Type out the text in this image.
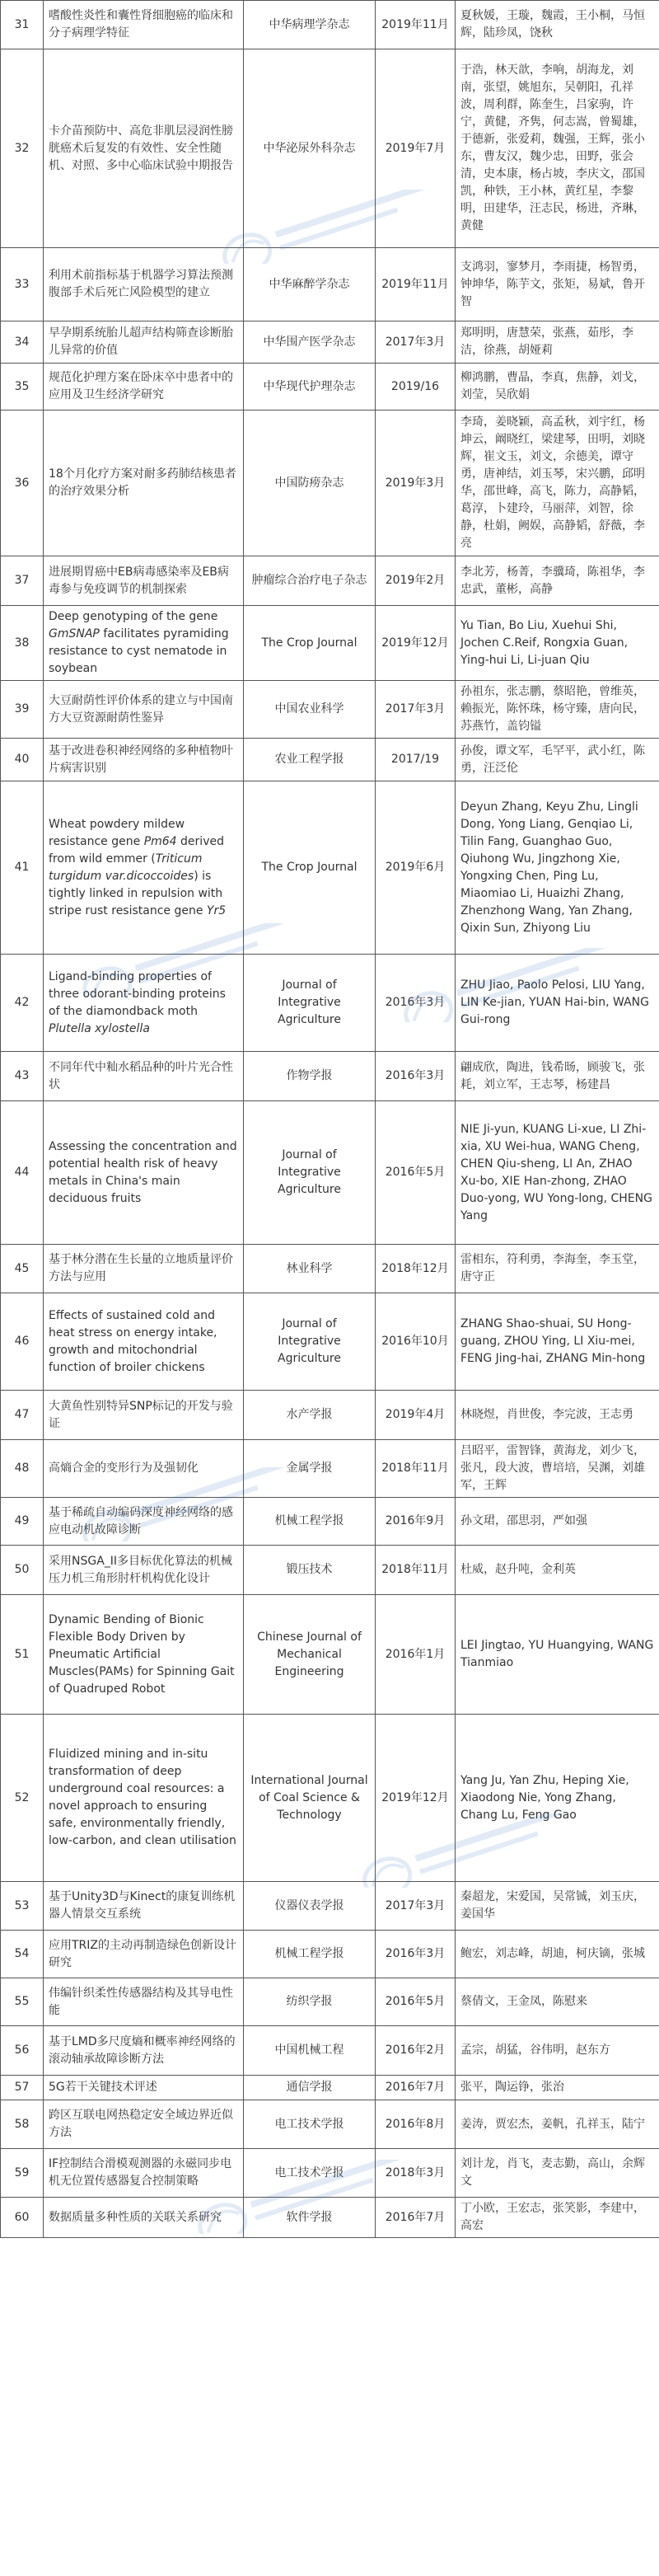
31	嗜酸性炎性和囊性肾细胞癌的临床和分子病理学特征	中华病理学杂志	2019年11月	夏秋媛，王璇，魏霞，王小桐，马恒辉，陆珍凤，饶秋
32	卡介苗预防中、高危非肌层浸润性膀胱癌术后复发的有效性、安全性随机、对照、多中心临床试验中期报告	中华泌尿外科杂志	2019年7月	于浩，林天歆，李响，胡海龙，刘南，张望，姚旭东，吴朝阳，孔祥波，周利群，陈奎生，吕家驹，许宁，黄健，齐隽，何志嵩，曾蜀雄，于德新，张爱莉，魏强，王辉，张小东，曹友汉，魏少忠，田野，张会清，史本康，杨占坡，李庆文，邵国凯，种铁，王小林，黄红星，李黎明，田建华，汪志民，杨进，齐琳，黄健
33	利用术前指标基于机器学习算法预测腹部手术后死亡风险模型的建立	中华麻醉学杂志	2019年11月	支鸿羽，寥梦月，李雨捷，杨智勇，钟坤华，陈芋文，张矩，易斌，鲁开智
34	早孕期系统胎儿超声结构筛查诊断胎儿异常的价值	中华围产医学杂志	2017年3月	郑明明，唐慧荣，张燕，茹彤，李洁，徐燕，胡娅莉
35	规范化护理方案在卧床卒中患者中的应用及卫生经济学研究	中华现代护理杂志	2019/16	柳鸿鹏，曹晶，李真，焦静，刘戈，刘莹，吴欣娟
36	18个月化疗方案对耐多药肺结核患者的治疗效果分析	中国防痨杂志	2019年3月	李琦，姜晓颖，高孟秋，刘宇红，杨坤云，阚晓红，梁建琴，田明，刘晓辉，崔文玉，刘文，余德美，谭守勇，唐神结，刘玉琴，宋兴鹏，邱明华，邵世峰，高飞，陈力，高静韬，葛淳，卜建玲，马丽萍，刘智，徐静，杜娟，阙娱，高静韬，舒薇，李亮
37	进展期胃癌中EB病毒感染率及EB病毒参与免疫调节的机制探索	肿瘤综合治疗电子杂志	2019年2月	李北芳，杨菁，李骥琦，陈祖华，李忠武，董彬，高静
38	Deep genotyping of the gene GmSNAP facilitates pyramiding resistance to cyst nematode in soybean	The Crop Journal	2019年12月	Yu Tian, Bo Liu, Xuehui Shi, Jochen C.Reif, Rongxia Guan, Ying-hui Li, Li-juan Qiu
39	大豆耐荫性评价体系的建立与中国南方大豆资源耐荫性鉴异	中国农业科学	2017年3月	孙祖东，张志鹏，蔡昭艳，曾维英，赖振光，陈怀珠，杨守臻，唐向民，苏燕竹，盖钧镒
40	基于改进卷积神经网络的多种植物叶片病害识别	农业工程学报	2017/19	孙俊，谭文军，毛罕平，武小红，陈勇，汪泛伦
41	Wheat powdery mildew resistance gene Pm64 derived from wild emmer (Triticum turgidum var.dicoccoides) is tightly linked in repulsion with stripe rust resistance gene Yr5	The Crop Journal	2019年6月	Deyun Zhang, Keyu Zhu, Lingli Dong, Yong Liang, Genqiao Li, Tilin Fang, Guanghao Guo, Qiuhong Wu, Jingzhong Xie, Yongxing Chen, Ping Lu, Miaomiao Li, Huaizhi Zhang, Zhenzhong Wang, Yan Zhang, Qixin Sun, Zhiyong Liu
42	Ligand-binding properties of three odorant-binding proteins of the diamondback moth Plutella xylostella	Journal of Integrative Agriculture	2016年3月	ZHU Jiao, Paolo Pelosi, LIU Yang, LIN Ke-jian, YUAN Hai-bin, WANG Gui-rong
43	不同年代中籼水稻品种的叶片光合性状	作物学报	2016年3月	翩成欣，陶进，钱希旸，顾骏飞，张耗，刘立军，王志琴，杨建昌
44	Assessing the concentration and potential health risk of heavy metals in China's main deciduous fruits	Journal of Integrative Agriculture	2016年5月	NIE Ji-yun, KUANG Li-xue, LI Zhi-xia, XU Wei-hua, WANG Cheng, CHEN Qiu-sheng, LI An, ZHAO Xu-bo, XIE Han-zhong, ZHAO Duo-yong, WU Yong-long, CHENG Yang
45	基于林分潜在生长量的立地质量评价方法与应用	林业科学	2018年12月	雷相东，符利勇，李海奎，李玉堂，唐守正
46	Effects of sustained cold and heat stress on energy intake, growth and mitochondrial function of broiler chickens	Journal of Integrative Agriculture	2016年10月	ZHANG Shao-shuai, SU Hong-guang, ZHOU Ying, LI Xiu-mei, FENG Jing-hai, ZHANG Min-hong
47	大黄鱼性别特异SNP标记的开发与验证	水产学报	2019年4月	林晓煜，肖世俊，李完波，王志勇
48	高熵合金的变形行为及强韧化	金属学报	2018年11月	吕昭平，雷智锋，黄海龙，刘少飞，张凡，段大波，曹培培，吴渊，刘雄军，王辉
49	基于稀疏自动编码深度神经网络的感应电动机故障诊断	机械工程学报	2016年9月	孙文珺，邵思羽，严如强
50	采用NSGA_II多目标优化算法的机械压力机三角形肘杆机构优化设计	锻压技术	2018年11月	杜威，赵升吨，金利英
51	Dynamic Bending of Bionic Flexible Body Driven by Pneumatic Artificial Muscles(PAMs) for Spinning Gait of Quadruped Robot	Chinese Journal of Mechanical Engineering	2016年1月	LEI Jingtao, YU Huangying, WANG Tianmiao
52	Fluidized mining and in-situ transformation of deep underground coal resources: a novel approach to ensuring safe, environmentally friendly, low-carbon, and clean utilisation	International Journal of Coal Science & Technology	2019年12月	Yang Ju, Yan Zhu, Heping Xie, Xiaodong Nie, Yong Zhang, Chang Lu, Feng Gao
53	基于Unity3D与Kinect的康复训练机器人情景交互系统	仪器仪表学报	2017年3月	秦超龙，宋爱国，吴常铖，刘玉庆，姜国华
54	应用TRIZ的主动再制造绿色创新设计研究	机械工程学报	2016年3月	鲍宏，刘志峰，胡迪，柯庆镝，张城
55	伟编针织柔性传感器结构及其导电性能	纺织学报	2016年5月	蔡倩文，王金凤，陈慰来
56	基于LMD多尺度熵和概率神经网络的滚动轴承故障诊断方法	中国机械工程	2016年2月	孟宗，胡猛，谷伟明，赵东方
57	5G若干关键技术评述	通信学报	2016年7月	张平，陶运铮，张治
58	跨区互联电网热稳定安全域边界近似方法	电工技术学报	2016年8月	姜涛，贾宏杰，姜帆，孔祥玉，陆宁
59	IF控制结合滑模观测器的永磁同步电机无位置传感器复合控制策略	电工技术学报	2018年3月	刘计龙，肖飞，麦志勤，高山，余辉文
60	数据质量多种性质的关联关系研究	软件学报	2016年7月	丁小欧，王宏志，张笑影，李建中，高宏
